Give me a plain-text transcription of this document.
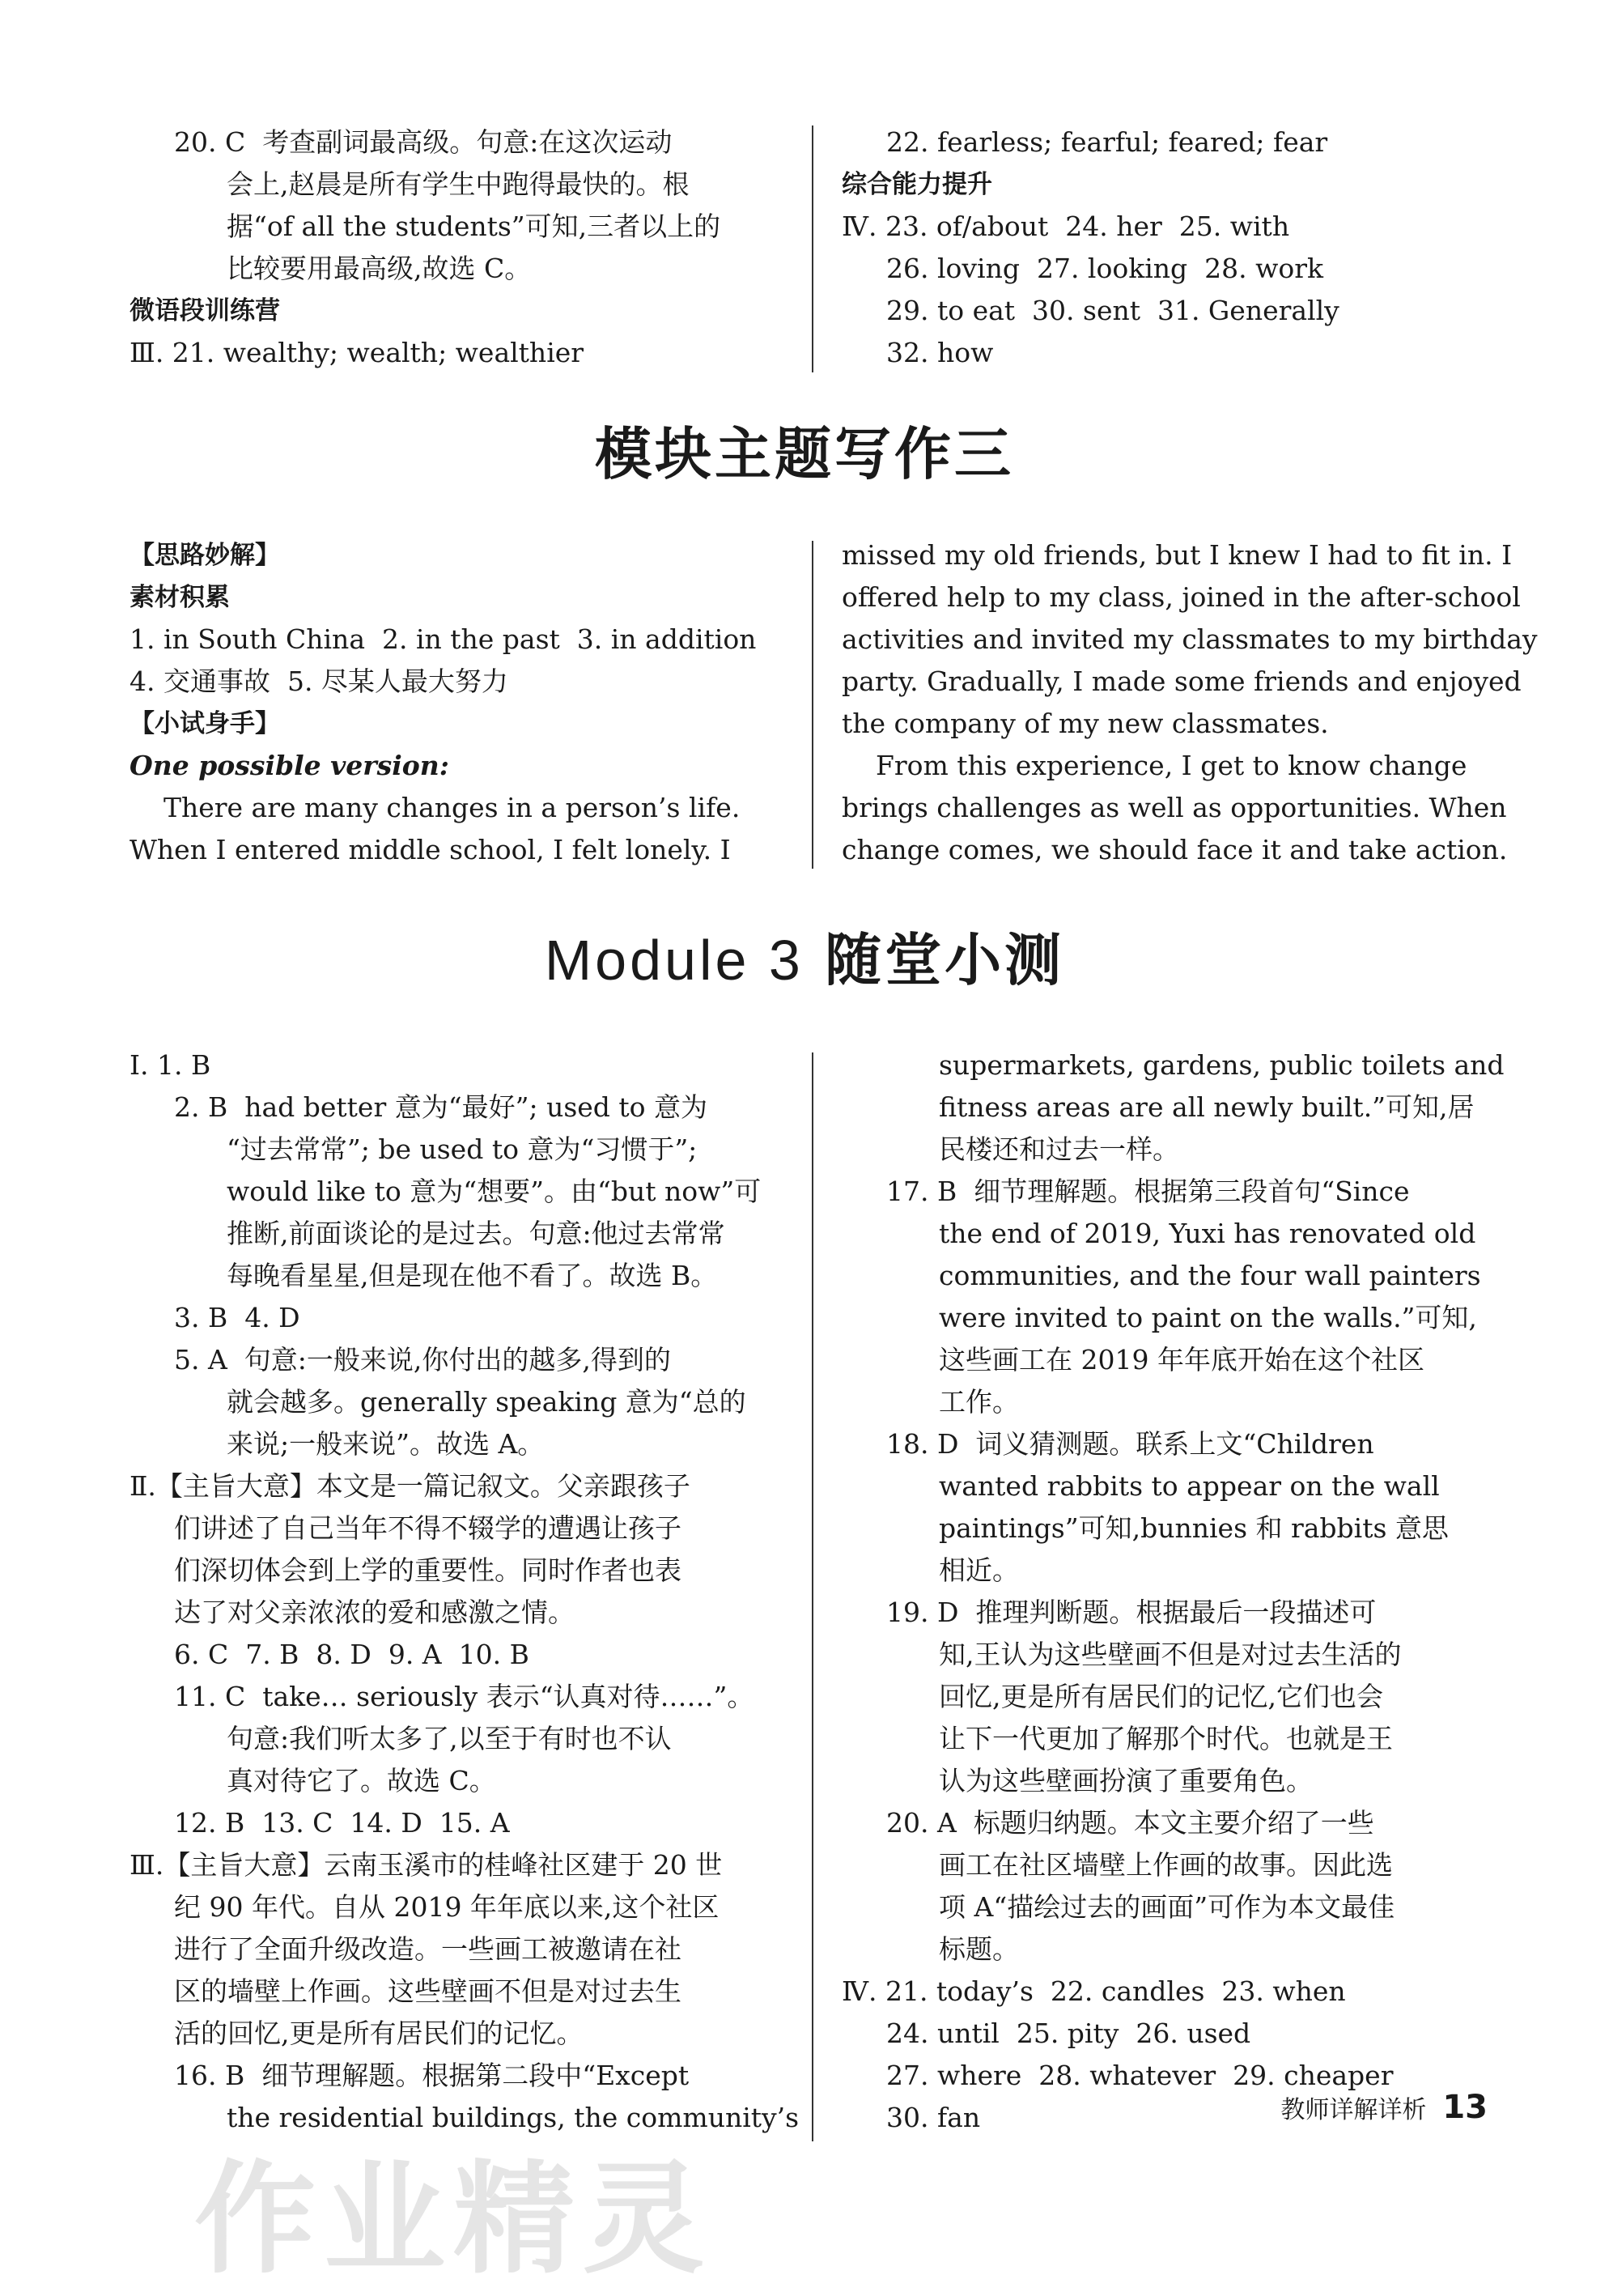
20. C  考查副词最高级。句意:在这次运动
会上,赵晨是所有学生中跑得最快的。根
据“of all the students”可知,三者以上的
比较要用最高级,故选 C。
微语段训练营
Ⅲ. 21. wealthy; wealth; wealthier
22. fearless; fearful; feared; fear
综合能力提升
Ⅳ. 23. of/about  24. her  25. with
26. loving  27. looking  28. work
29. to eat  30. sent  31. Generally
32. how
模块主题写作三
【思路妙解】
素材积累
1. in South China  2. in the past  3. in addition
4. 交通事故  5. 尽某人最大努力
【小试身手】
One possible version:
There are many changes in a person’s life.
When I entered middle school, I felt lonely. I
missed my old friends, but I knew I had to fit in. I
offered help to my class, joined in the after-school
activities and invited my classmates to my birthday
party. Gradually, I made some friends and enjoyed
the company of my new classmates.
From this experience, I get to know change
brings challenges as well as opportunities. When
change comes, we should face it and take action.
Module 3 随堂小测
Ⅰ. 1. B
2. B  had better 意为“最好”; used to 意为
“过去常常”; be used to 意为“习惯于”;
would like to 意为“想要”。由“but now”可
推断,前面谈论的是过去。句意:他过去常常
每晚看星星,但是现在他不看了。故选 B。
3. B  4. D
5. A  句意:一般来说,你付出的越多,得到的
就会越多。generally speaking 意为“总的
来说;一般来说”。故选 A。
Ⅱ.【主旨大意】本文是一篇记叙文。父亲跟孩子
们讲述了自己当年不得不辍学的遭遇让孩子
们深切体会到上学的重要性。同时作者也表
达了对父亲浓浓的爱和感激之情。
6. C  7. B  8. D  9. A  10. B
11. C  take… seriously 表示“认真对待……”。
句意:我们听太多了,以至于有时也不认
真对待它了。故选 C。
12. B  13. C  14. D  15. A
Ⅲ.【主旨大意】云南玉溪市的桂峰社区建于 20 世
纪 90 年代。自从 2019 年年底以来,这个社区
进行了全面升级改造。一些画工被邀请在社
区的墙壁上作画。这些壁画不但是对过去生
活的回忆,更是所有居民们的记忆。
16. B  细节理解题。根据第二段中“Except
the residential buildings, the community’s
supermarkets, gardens, public toilets and
fitness areas are all newly built.”可知,居
民楼还和过去一样。
17. B  细节理解题。根据第三段首句“Since
the end of 2019, Yuxi has renovated old
communities, and the four wall painters
were invited to paint on the walls.”可知,
这些画工在 2019 年年底开始在这个社区
工作。
18. D  词义猜测题。联系上文“Children
wanted rabbits to appear on the wall
paintings”可知,bunnies 和 rabbits 意思
相近。
19. D  推理判断题。根据最后一段描述可
知,王认为这些壁画不但是对过去生活的
回忆,更是所有居民们的记忆,它们也会
让下一代更加了解那个时代。也就是王
认为这些壁画扮演了重要角色。
20. A  标题归纳题。本文主要介绍了一些
画工在社区墙壁上作画的故事。因此选
项 A“描绘过去的画面”可作为本文最佳
标题。
Ⅳ. 21. today’s  22. candles  23. when
24. until  25. pity  26. used
27. where  28. whatever  29. cheaper
30. fan	教师详解详析 13
作业精灵
